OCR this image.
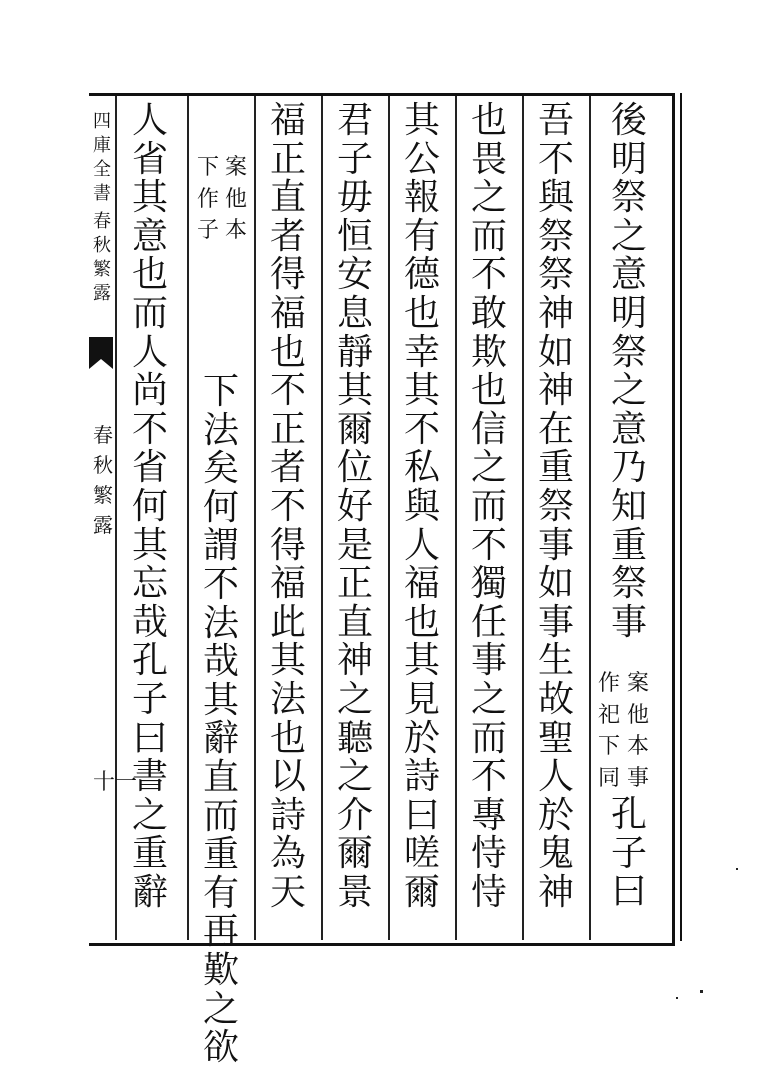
後
明
祭
之
意
明
祭
之
意
乃
知
重
祭
事
吾
不
與
祭
祭
神
如
神
在
重
祭
事
如
事
生
故
聖
人
於
鬼
神
也
畏
之
而
不
敢
欺
也
信
之
而
不
獨
任
事
之
而
不
專
恃
恃
其
公
報
有
德
也
幸
其
不
私
與
人
福
也
其
見
於
詩
曰
嗟
爾
君
子
毋
恒
安
息
靜
其
爾
位
好
是
正
直
神
之
聽
之
介
爾
景
福
正
直
者
得
福
也
不
正
者
不
得
福
此
其
法
也
以
詩
為
天
下
法
矣
何
謂
不
法
哉
其
辭
直
而
重
有
再
歎
之
欲
人
省
其
意
也
而
人
尚
不
省
何
其
忘
哉
孔
子
曰
書
之
重
辭
孔
子
曰
案
他
本
事
作
祀
下
同
案
他
本
下
作
子
四
庫
全
書
春
秋
繁
露
春
秋
繁
露
十一
